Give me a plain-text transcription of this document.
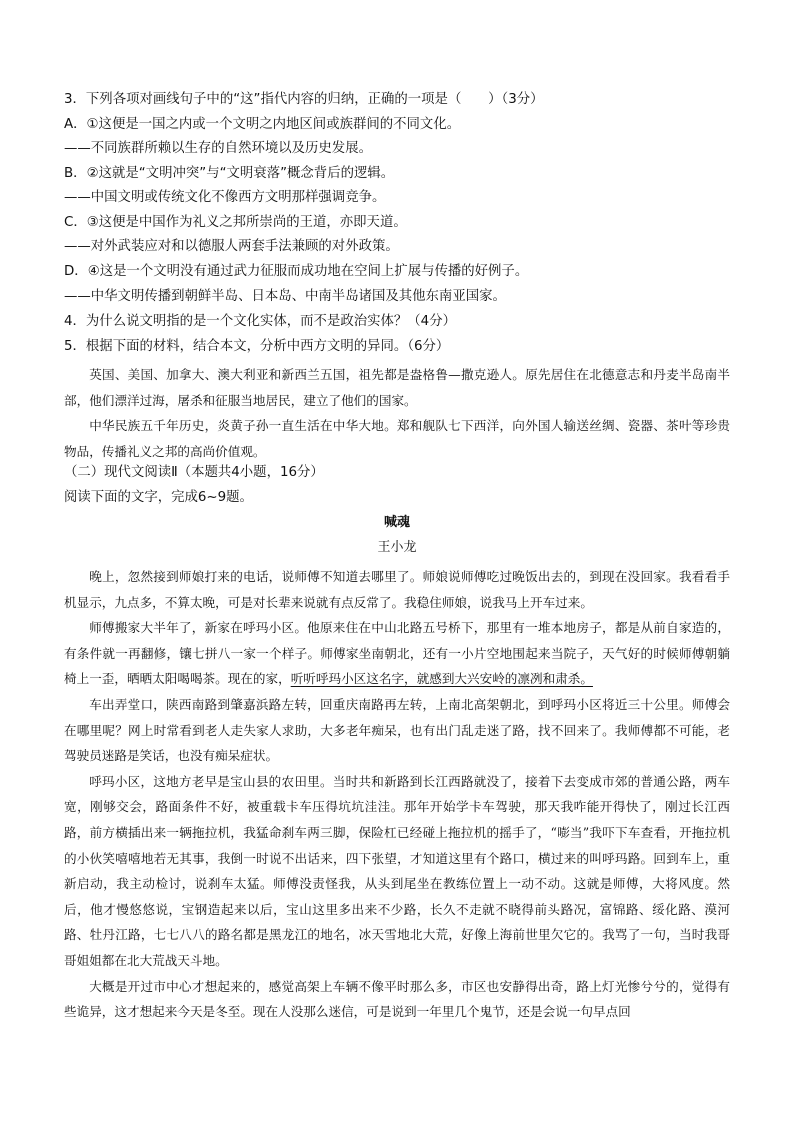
3．下列各项对画线句子中的“这”指代内容的归纳，正确的一项是（　　）（3分）
A．①这便是一国之内或一个文明之内地区间或族群间的不同文化。
——不同族群所赖以生存的自然环境以及历史发展。
B．②这就是“文明冲突”与“文明衰落”概念背后的逻辑。
——中国文明或传统文化不像西方文明那样强调竞争。
C．③这便是中国作为礼义之邦所崇尚的王道，亦即天道。
——对外武装应对和以德服人两套手法兼顾的对外政策。
D．④这是一个文明没有通过武力征服而成功地在空间上扩展与传播的好例子。
——中华文明传播到朝鲜半岛、日本岛、中南半岛诸国及其他东南亚国家。
4．为什么说文明指的是一个文化实体，而不是政治实体？（4分）
5．根据下面的材料，结合本文，分析中西方文明的异同。（6分）

英国、美国、加拿大、澳大利亚和新西兰五国，祖先都是盎格鲁—撒克逊人。原先居住在北德意志和丹麦半岛南半部，他们漂洋过海，屠杀和征服当地居民，建立了他们的国家。

中华民族五千年历史，炎黄子孙一直生活在中华大地。郑和舰队七下西洋，向外国人输送丝绸、瓷器、茶叶等珍贵物品，传播礼义之邦的高尚价值观。

（二）现代文阅读Ⅱ（本题共4小题，16分）
阅读下面的文字，完成6~9题。
喊魂
王小龙

晚上，忽然接到师娘打来的电话，说师傅不知道去哪里了。师娘说师傅吃过晚饭出去的，到现在没回家。我看看手机显示，九点多，不算太晚，可是对长辈来说就有点反常了。我稳住师娘，说我马上开车过来。

师傅搬家大半年了，新家在呼玛小区。他原来住在中山北路五号桥下，那里有一堆本地房子，都是从前自家造的，有条件就一再翻修，镶七拼八一家一个样子。师傅家坐南朝北，还有一小片空地围起来当院子，天气好的时候师傅朝躺椅上一歪，晒晒太阳喝喝茶。现在的家，听听呼玛小区这名字，就感到大兴安岭的凛冽和肃杀。

车出弄堂口，陕西南路到肇嘉浜路左转，回重庆南路再左转，上南北高架朝北，到呼玛小区将近三十公里。师傅会在哪里呢？网上时常看到老人走失家人求助，大多老年痴呆，也有出门乱走迷了路，找不回来了。我师傅都不可能，老驾驶员迷路是笑话，也没有痴呆症状。

呼玛小区，这地方老早是宝山县的农田里。当时共和新路到长江西路就没了，接着下去变成市郊的普通公路，两车宽，刚够交会，路面条件不好，被重载卡车压得坑坑洼洼。那年开始学卡车驾驶，那天我咋能开得快了，刚过长江西路，前方横插出来一辆拖拉机，我猛命刹车两三脚，保险杠已经碰上拖拉机的摇手了，“嘭当”我吓下车查看，开拖拉机的小伙笑嘻嘻地若无其事，我倒一时说不出话来，四下张望，才知道这里有个路口，横过来的叫呼玛路。回到车上，重新启动，我主动检讨，说刹车太猛。师傅没责怪我，从头到尾坐在教练位置上一动不动。这就是师傅，大将风度。然后，他才慢悠悠说，宝钢造起来以后，宝山这里多出来不少路，长久不走就不晓得前头路况，富锦路、绥化路、漠河路、牡丹江路，七七八八的路名都是黑龙江的地名，冰天雪地北大荒，好像上海前世里欠它的。我骂了一句，当时我哥哥姐姐都在北大荒战天斗地。

大概是开过市中心才想起来的，感觉高架上车辆不像平时那么多，市区也安静得出奇，路上灯光惨兮兮的，觉得有些诡异，这才想起来今天是冬至。现在人没那么迷信，可是说到一年里几个鬼节，还是会说一句早点回
